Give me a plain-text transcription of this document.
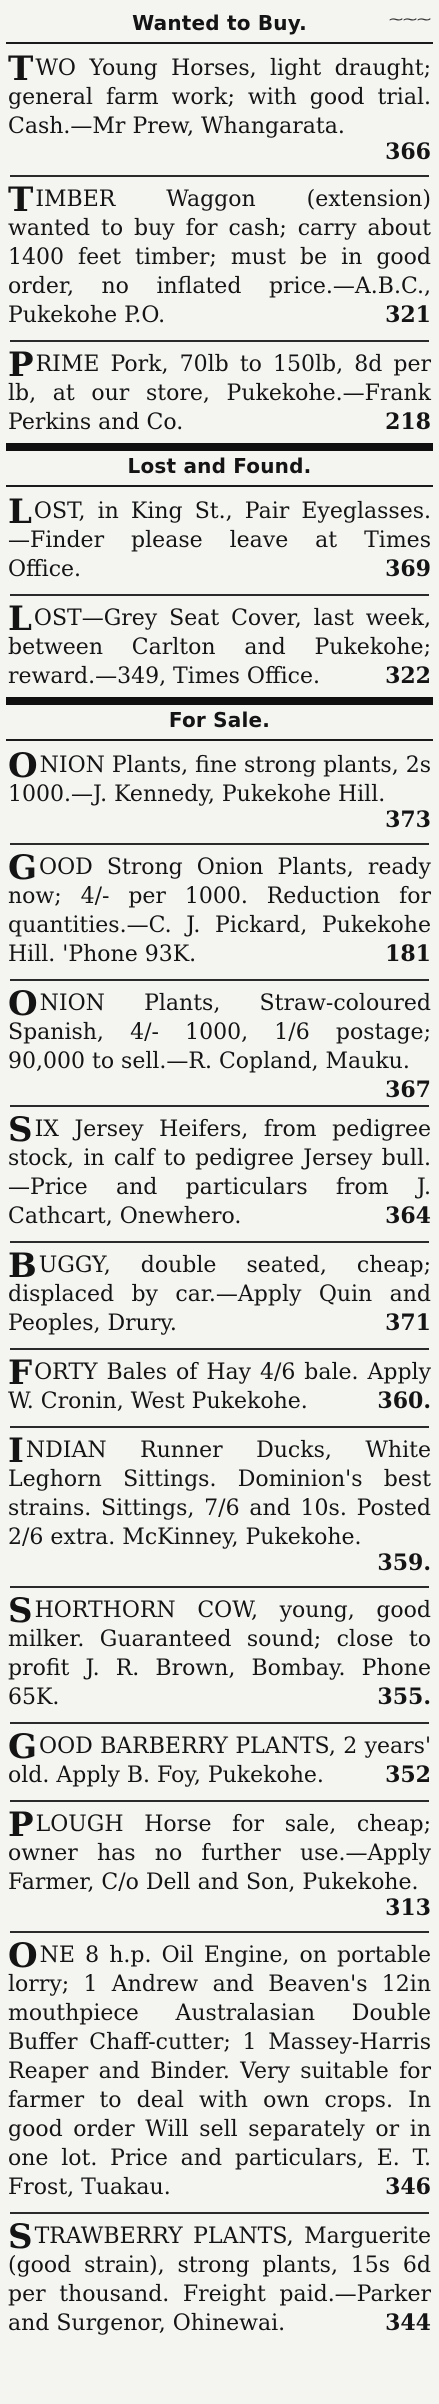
⁓⁓⁓
Wanted to Buy.
TWO Young Horses, light draught; general farm work; with good trial. Cash.—Mr Prew, Whangarata.
366
TIMBER Waggon (extension) wanted to buy for cash; carry about 1400 feet timber; must be in good order, no inflated price.—A.B.C., Pukekohe P.O.	321
PRIME Pork, 70lb to 150lb, 8d per lb, at our store, Pukekohe.—Frank Perkins and Co.	218
Lost and Found.
LOST, in King St., Pair Eyeglasses. —Finder please leave at Times Office.	369
LOST—Grey Seat Cover, last week, between Carlton and Pukekohe; reward.—349, Times Office.	322
For Sale.
ONION Plants, fine strong plants, 2s 1000.—J. Kennedy, Pukekohe Hill.
373
GOOD Strong Onion Plants, ready now; 4/- per 1000. Reduction for quantities.—C. J. Pickard, Pukekohe Hill. 'Phone 93K.	181
ONION Plants, Straw-coloured Spanish, 4/- 1000, 1/6 postage; 90,000 to sell.—R. Copland, Mauku.
367
SIX Jersey Heifers, from pedigree stock, in calf to pedigree Jersey bull.—Price and particulars from J. Cathcart, Onewhero.	364
BUGGY, double seated, cheap; displaced by car.—Apply Quin and Peoples, Drury.	371
FORTY Bales of Hay 4/6 bale. Apply W. Cronin, West Pukekohe.	360.
INDIAN Runner Ducks, White Leghorn Sittings. Dominion's best strains. Sittings, 7/6 and 10s. Posted 2/6 extra. McKinney, Pukekohe.
359.
SHORTHORN COW, young, good milker. Guaranteed sound; close to profit J. R. Brown, Bombay. Phone 65K.	355.
GOOD BARBERRY PLANTS, 2 years' old. Apply B. Foy, Pukekohe.	352
PLOUGH Horse for sale, cheap; owner has no further use.—Apply Farmer, C/o Dell and Son, Pukekohe.
313
ONE 8 h.p. Oil Engine, on portable lorry; 1 Andrew and Beaven's 12in mouthpiece Australasian Double Buffer Chaff-cutter; 1 Massey-Harris Reaper and Binder. Very suitable for farmer to deal with own crops. In good order Will sell separately or in one lot. Price and particulars, E. T. Frost, Tuakau.	346
STRAWBERRY PLANTS, Marguerite (good strain), strong plants, 15s 6d per thousand. Freight paid.—Parker and Surgenor, Ohinewai.	344
